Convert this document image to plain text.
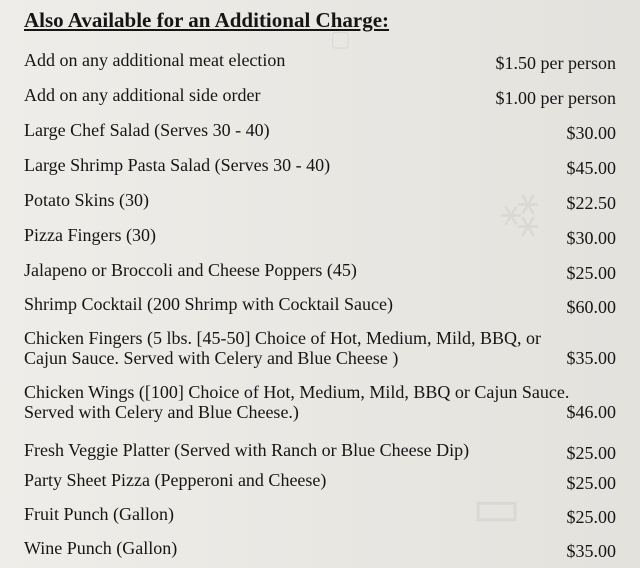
⁂
▭
▢
Also Available for an Additional Charge:
Add on any additional meat election	$1.50 per person
Add on any additional side order	$1.00 per person
Large Chef Salad (Serves 30 - 40)	$30.00
Large Shrimp Pasta Salad (Serves 30 - 40)	$45.00
Potato Skins (30)	$22.50
Pizza Fingers (30)	$30.00
Jalapeno or Broccoli and Cheese Poppers (45)	$25.00
Shrimp Cocktail (200 Shrimp with Cocktail Sauce)	$60.00
Chicken Fingers (5 lbs. [45-50] Choice of Hot, Medium, Mild, BBQ, or Cajun Sauce. Served with Celery and Blue Cheese )	$35.00
Chicken Wings ([100] Choice of Hot, Medium, Mild, BBQ or Cajun Sauce. Served with Celery and Blue Cheese.)	$46.00
Fresh Veggie Platter (Served with Ranch or Blue Cheese Dip)	$25.00
Party Sheet Pizza (Pepperoni and Cheese)	$25.00
Fruit Punch (Gallon)	$25.00
Wine Punch (Gallon)	$35.00
